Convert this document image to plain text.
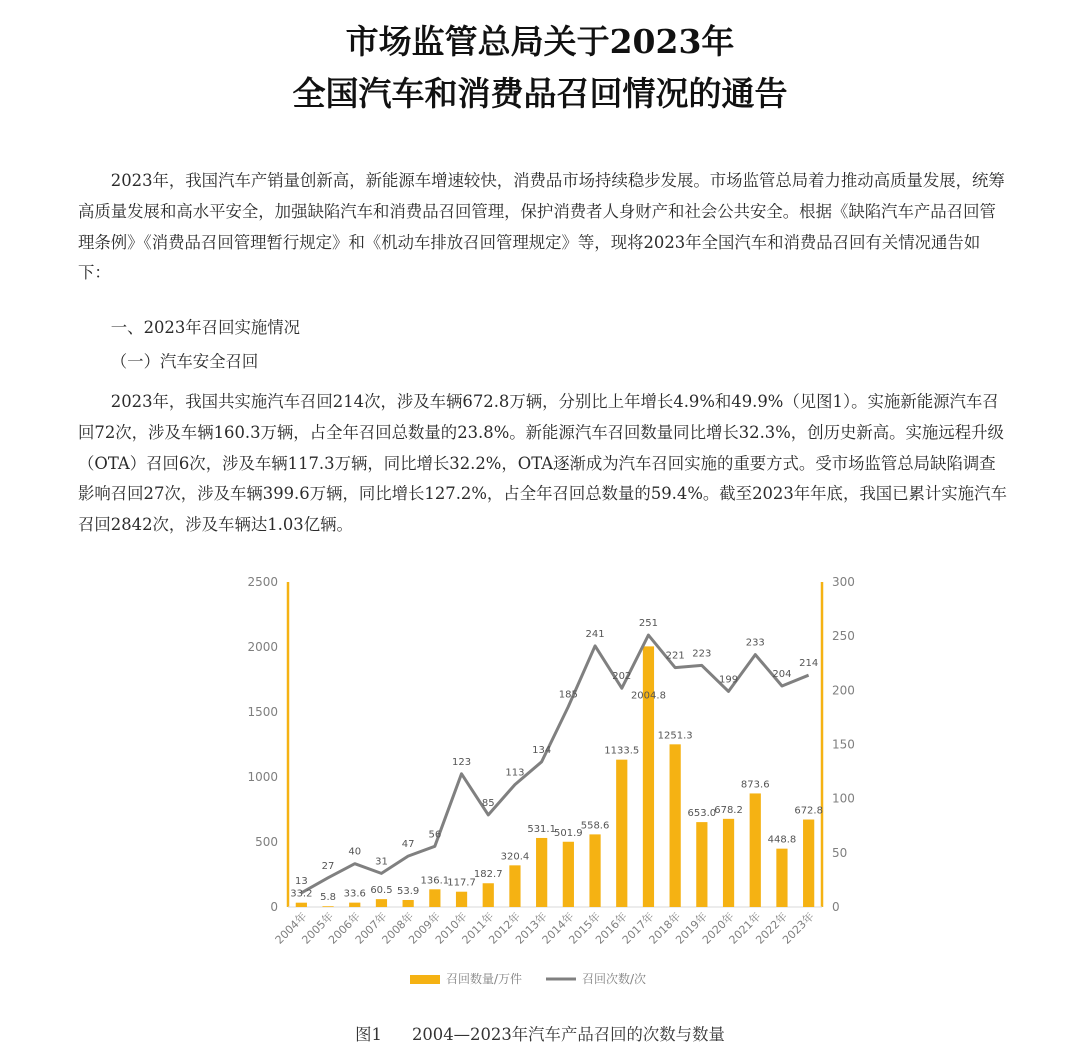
市场监管总局关于2023年
全国汽车和消费品召回情况的通告

2023年，我国汽车产销量创新高，新能源车增速较快，消费品市场持续稳步发展。市场监管总局着力推动高质量发展，统筹高质量发展和高水平安全，加强缺陷汽车和消费品召回管理，保护消费者人身财产和社会公共安全。根据《缺陷汽车产品召回管理条例》《消费品召回管理暂行规定》和《机动车排放召回管理规定》等，现将2023年全国汽车和消费品召回有关情况通告如下：

一、2023年召回实施情况

（一）汽车安全召回

2023年，我国共实施汽车召回214次，涉及车辆672.8万辆，分别比上年增长4.9%和49.9%（见图1）。实施新能源汽车召回72次，涉及车辆160.3万辆，占全年召回总数量的23.8%。新能源汽车召回数量同比增长32.3%，创历史新高。实施远程升级（OTA）召回6次，涉及车辆117.3万辆，同比增长32.2%，OTA逐渐成为汽车召回实施的重要方式。受市场监管总局缺陷调查影响召回27次，涉及车辆399.6万辆，同比增长127.2%，占全年召回总数量的59.4%。截至2023年年底，我国已累计实施汽车召回2842次，涉及车辆达1.03亿辆。

0
500
1000
1500
2000
2500
0
50
100
150
200
250
300
33.2 5.8 33.6 60.5 53.9
136.1
117.7
182.7
320.4
531.1
501.9
558.6
1133.5
2004.8
1251.3
653.0
678.2
873.6
448.8
672.8
13
27
40
31
47
56
123
85
113
134
185
241
202
251
221 223
199
233
204
214
2004年
2005年
2006年
2007年
2008年
2009年
2010年
2011年
2012年
2013年
2014年
2015年
2016年
2017年
2018年
2019年
2020年
2021年
2022年
2023年
召回数量/万件	召回次数/次
图1 2004—2023年汽车产品召回的次数与数量
